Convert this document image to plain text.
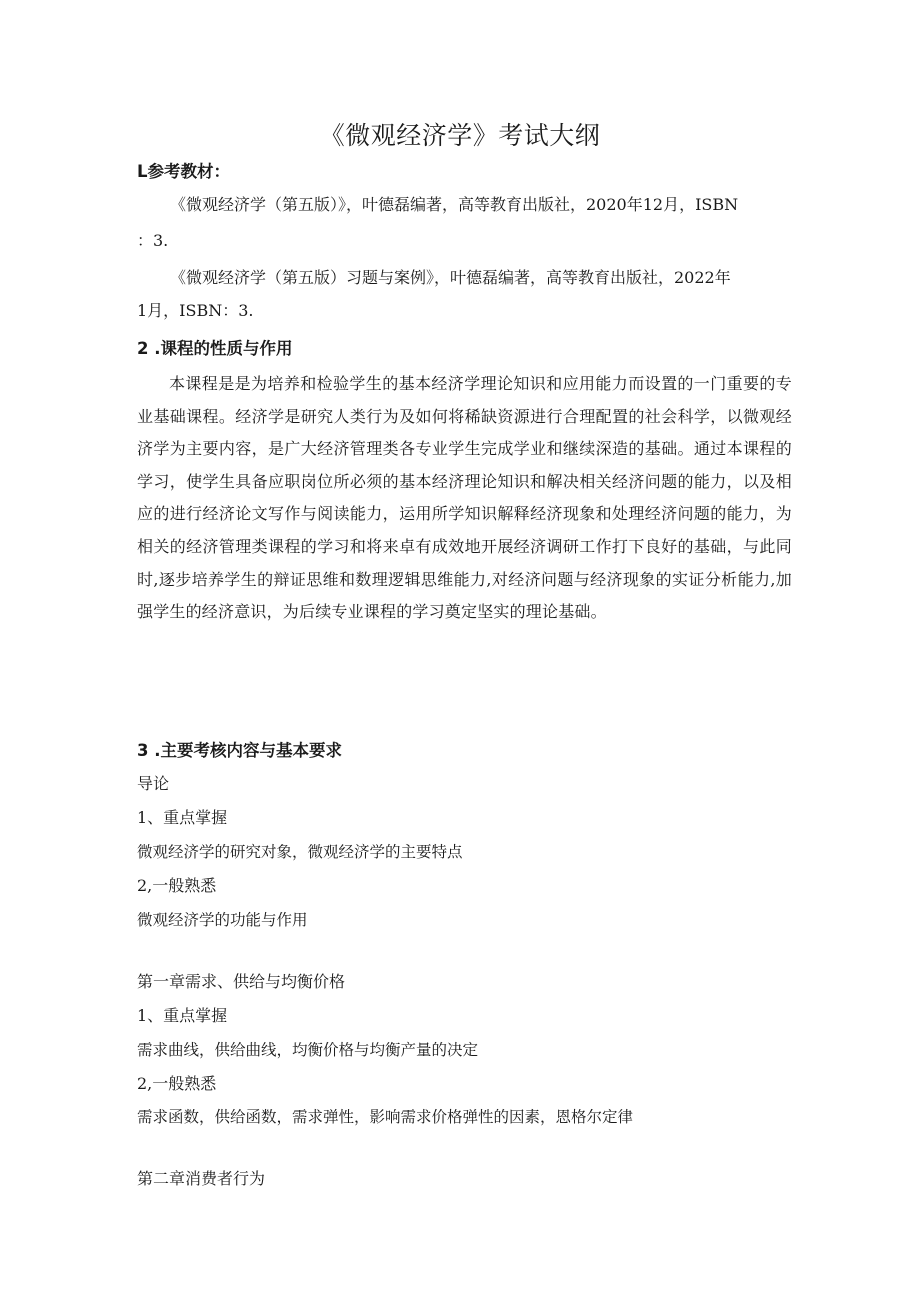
《微观经济学》考试大纲
L参考教材：
《微观经济学（第五版）》，叶德磊编著，高等教育出版社，2020年12月，ISBN
：3.
《微观经济学（第五版）习题与案例》，叶德磊编著，高等教育出版社，2022年
1月，ISBN：3.
2 .课程的性质与作用
本课程是是为培养和检验学生的基本经济学理论知识和应用能力而设置的一门重要的专业基础课程。经济学是研究人类行为及如何将稀缺资源进行合理配置的社会科学，以微观经济学为主要内容，是广大经济管理类各专业学生完成学业和继续深造的基础。通过本课程的学习，使学生具备应职岗位所必须的基本经济理论知识和解决相关经济问题的能力，以及相应的进行经济论文写作与阅读能力，运用所学知识解释经济现象和处理经济问题的能力，为相关的经济管理类课程的学习和将来卓有成效地开展经济调研工作打下良好的基础，与此同时,逐步培养学生的辩证思维和数理逻辑思维能力,对经济问题与经济现象的实证分析能力,加强学生的经济意识，为后续专业课程的学习奠定坚实的理论基础。
3 .主要考核内容与基本要求
导论
1、重点掌握
微观经济学的研究对象，微观经济学的主要特点
2,一般熟悉
微观经济学的功能与作用
第一章需求、供给与均衡价格
1、重点掌握
需求曲线，供给曲线，均衡价格与均衡产量的决定
2,一般熟悉
需求函数，供给函数，需求弹性，影响需求价格弹性的因素，恩格尔定律
第二章消费者行为
